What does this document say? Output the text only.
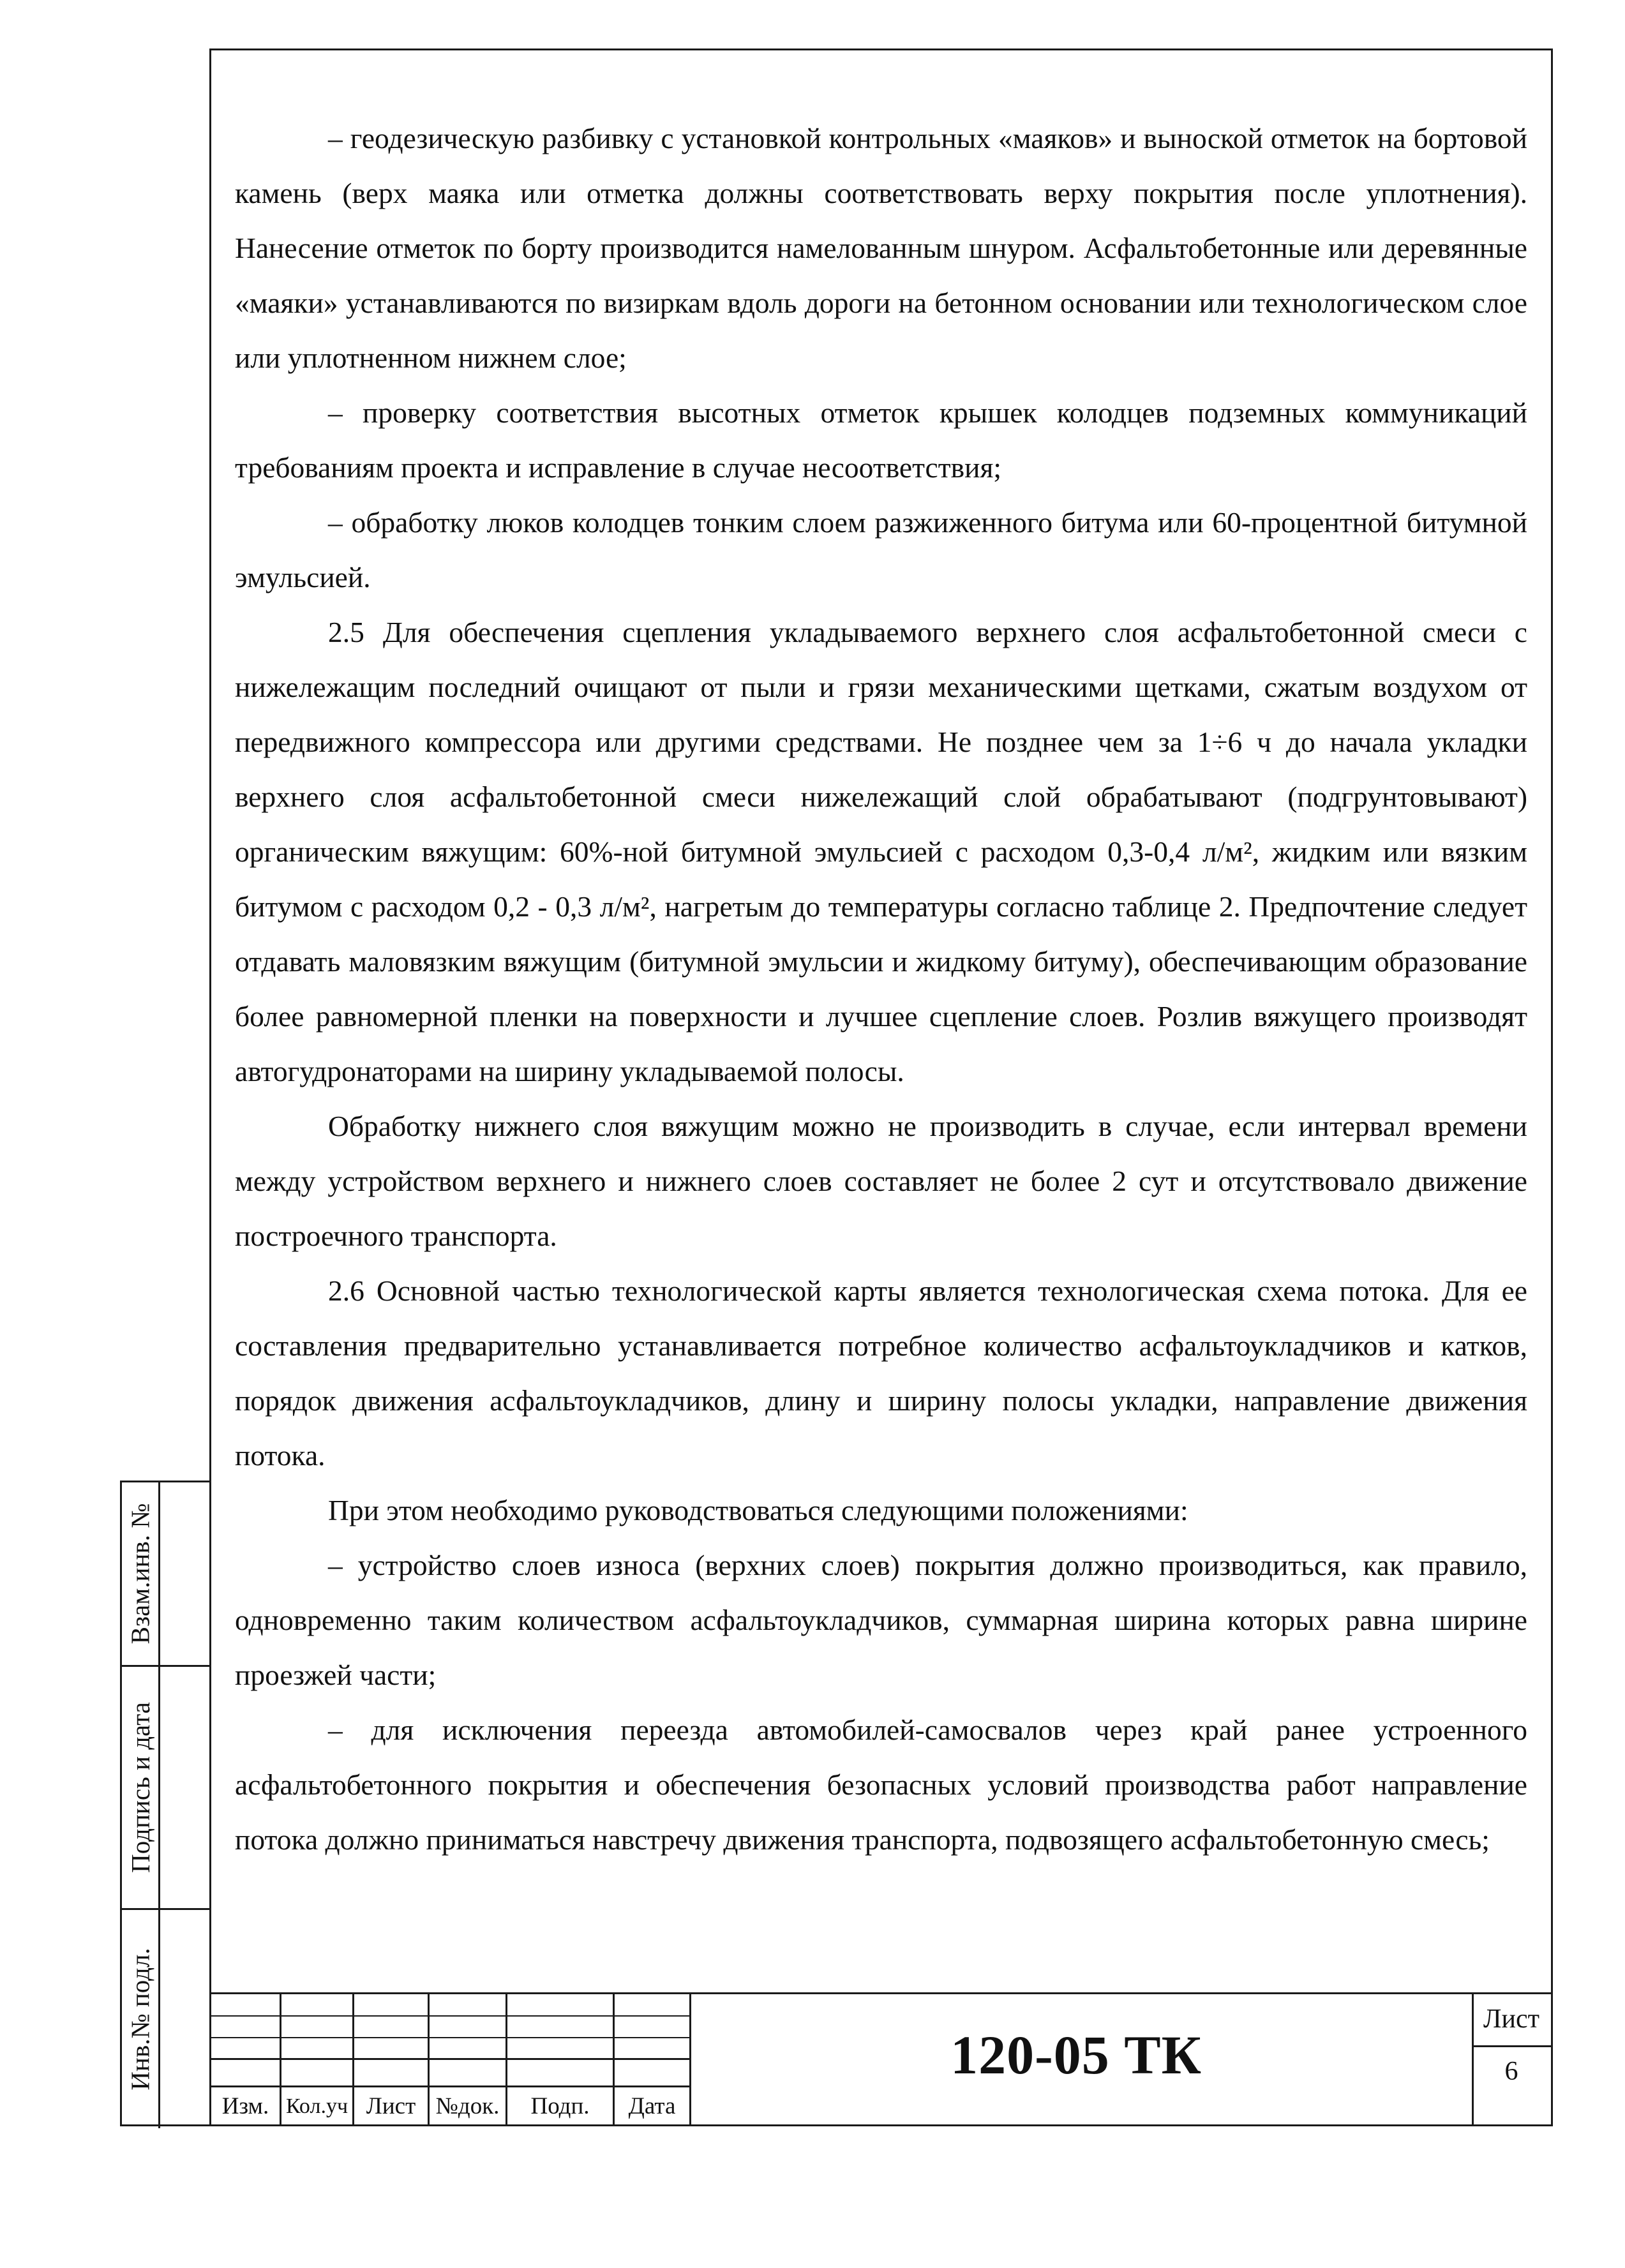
– геодезическую разбивку с установкой контрольных «маяков» и выноской отметок на бортовой камень (верх маяка или отметка должны соответствовать верху покрытия после уплотнения). Нанесение отметок по борту производится намелованным шнуром. Асфальтобетонные или деревянные «маяки» устанавливаются по визиркам вдоль дороги на бетонном основании или технологическом слое или уплотненном нижнем слое;

– проверку соответствия высотных отметок крышек колодцев подземных коммуникаций требованиям проекта и исправление в случае несоответствия;

– обработку люков колодцев тонким слоем разжиженного битума или 60-процентной битумной эмульсией.

2.5 Для обеспечения сцепления укладываемого верхнего слоя асфальтобетонной смеси с нижележащим последний очищают от пыли и грязи механическими щетками, сжатым воздухом от передвижного компрессора или другими средствами. Не позднее чем за 1÷6 ч до начала укладки верхнего слоя асфальтобетонной смеси нижележащий слой обрабатывают (подгрунтовывают) органическим вяжущим: 60%-ной битумной эмульсией с расходом 0,3-0,4 л/м², жидким или вязким битумом с расходом 0,2 - 0,3 л/м², нагретым до температуры согласно таблице 2. Предпочтение следует отдавать маловязким вяжущим (битумной эмульсии и жидкому битуму), обеспечивающим образование более равномерной пленки на поверхности и лучшее сцепление слоев. Розлив вяжущего производят автогудронаторами на ширину укладываемой полосы.

Обработку нижнего слоя вяжущим можно не производить в случае, если интервал времени между устройством верхнего и нижнего слоев составляет не более 2 сут и отсутствовало движение построечного транспорта.

2.6 Основной частью технологической карты является технологическая схема потока. Для ее составления предварительно устанавливается потребное количество асфальтоукладчиков и катков, порядок движения асфальтоукладчиков, длину и ширину полосы укладки, направление движения потока.

При этом необходимо руководствоваться следующими положениями:

– устройство слоев износа (верхних слоев) покрытия должно производиться, как правило, одновременно таким количеством асфальтоукладчиков, суммарная ширина которых равна ширине проезжей части;

– для исключения переезда автомобилей-самосвалов через край ранее устроенного асфальтобетонного покрытия и обеспечения безопасных условий производства работ направление потока должно приниматься навстречу движения транспорта, подвозящего асфальтобетонную смесь;

Взам.инв. №
Подпись и дата
Инв.№ подл.
Изм. Кол.уч Лист №док.	Подп.	Дата
120-05 ТК
Лист
6
